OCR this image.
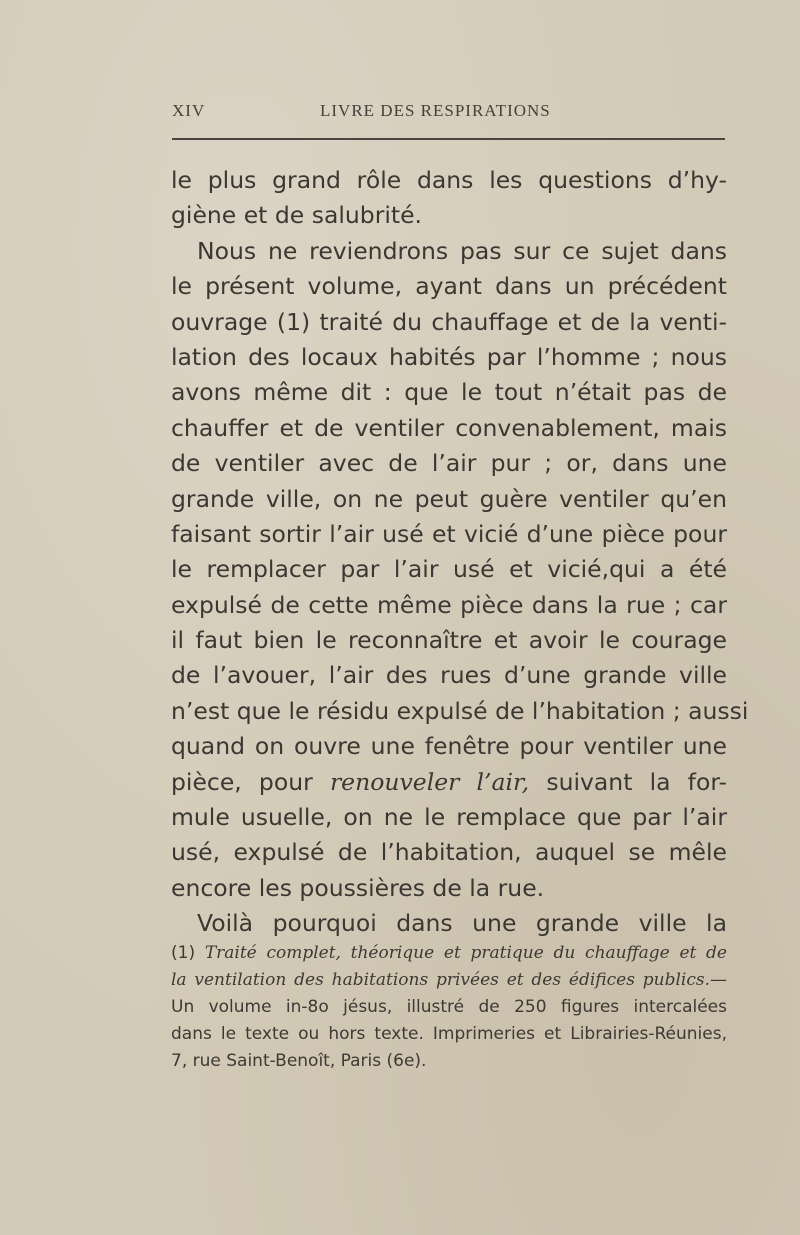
XIV	LIVRE DES RESPIRATIONS
le plus grand rôle dans les questions d’hy-
giène et de salubrité.
Nous ne reviendrons pas sur ce sujet dans
le présent volume, ayant dans un précédent
ouvrage (1) traité du chauffage et de la venti-
lation des locaux habités par l’homme ; nous
avons même dit : que le tout n’était pas de
chauffer et de ventiler convenablement, mais
de ventiler avec de l’air pur ; or, dans une
grande ville, on ne peut guère ventiler qu’en
faisant sortir l’air usé et vicié d’une pièce pour
le remplacer par l’air usé et vicié,qui a été
expulsé de cette même pièce dans la rue ; car
il faut bien le reconnaître et avoir le courage
de l’avouer, l’air des rues d’une grande ville
n’est que le résidu expulsé de l’habitation ; aussi
quand on ouvre une fenêtre pour ventiler une
pièce, pour renouveler l’air, suivant la for-
mule usuelle, on ne le remplace que par l’air
usé, expulsé de l’habitation, auquel se mêle
encore les poussières de la rue.
Voilà pourquoi dans une grande ville la
(1) Traité complet, théorique et pratique du chauffage et de
la ventilation des habitations privées et des édifices publics.—
Un volume in-8o jésus, illustré de 250 figures intercalées
dans le texte ou hors texte. Imprimeries et Librairies-Réunies,
7, rue Saint-Benoît, Paris (6e).
